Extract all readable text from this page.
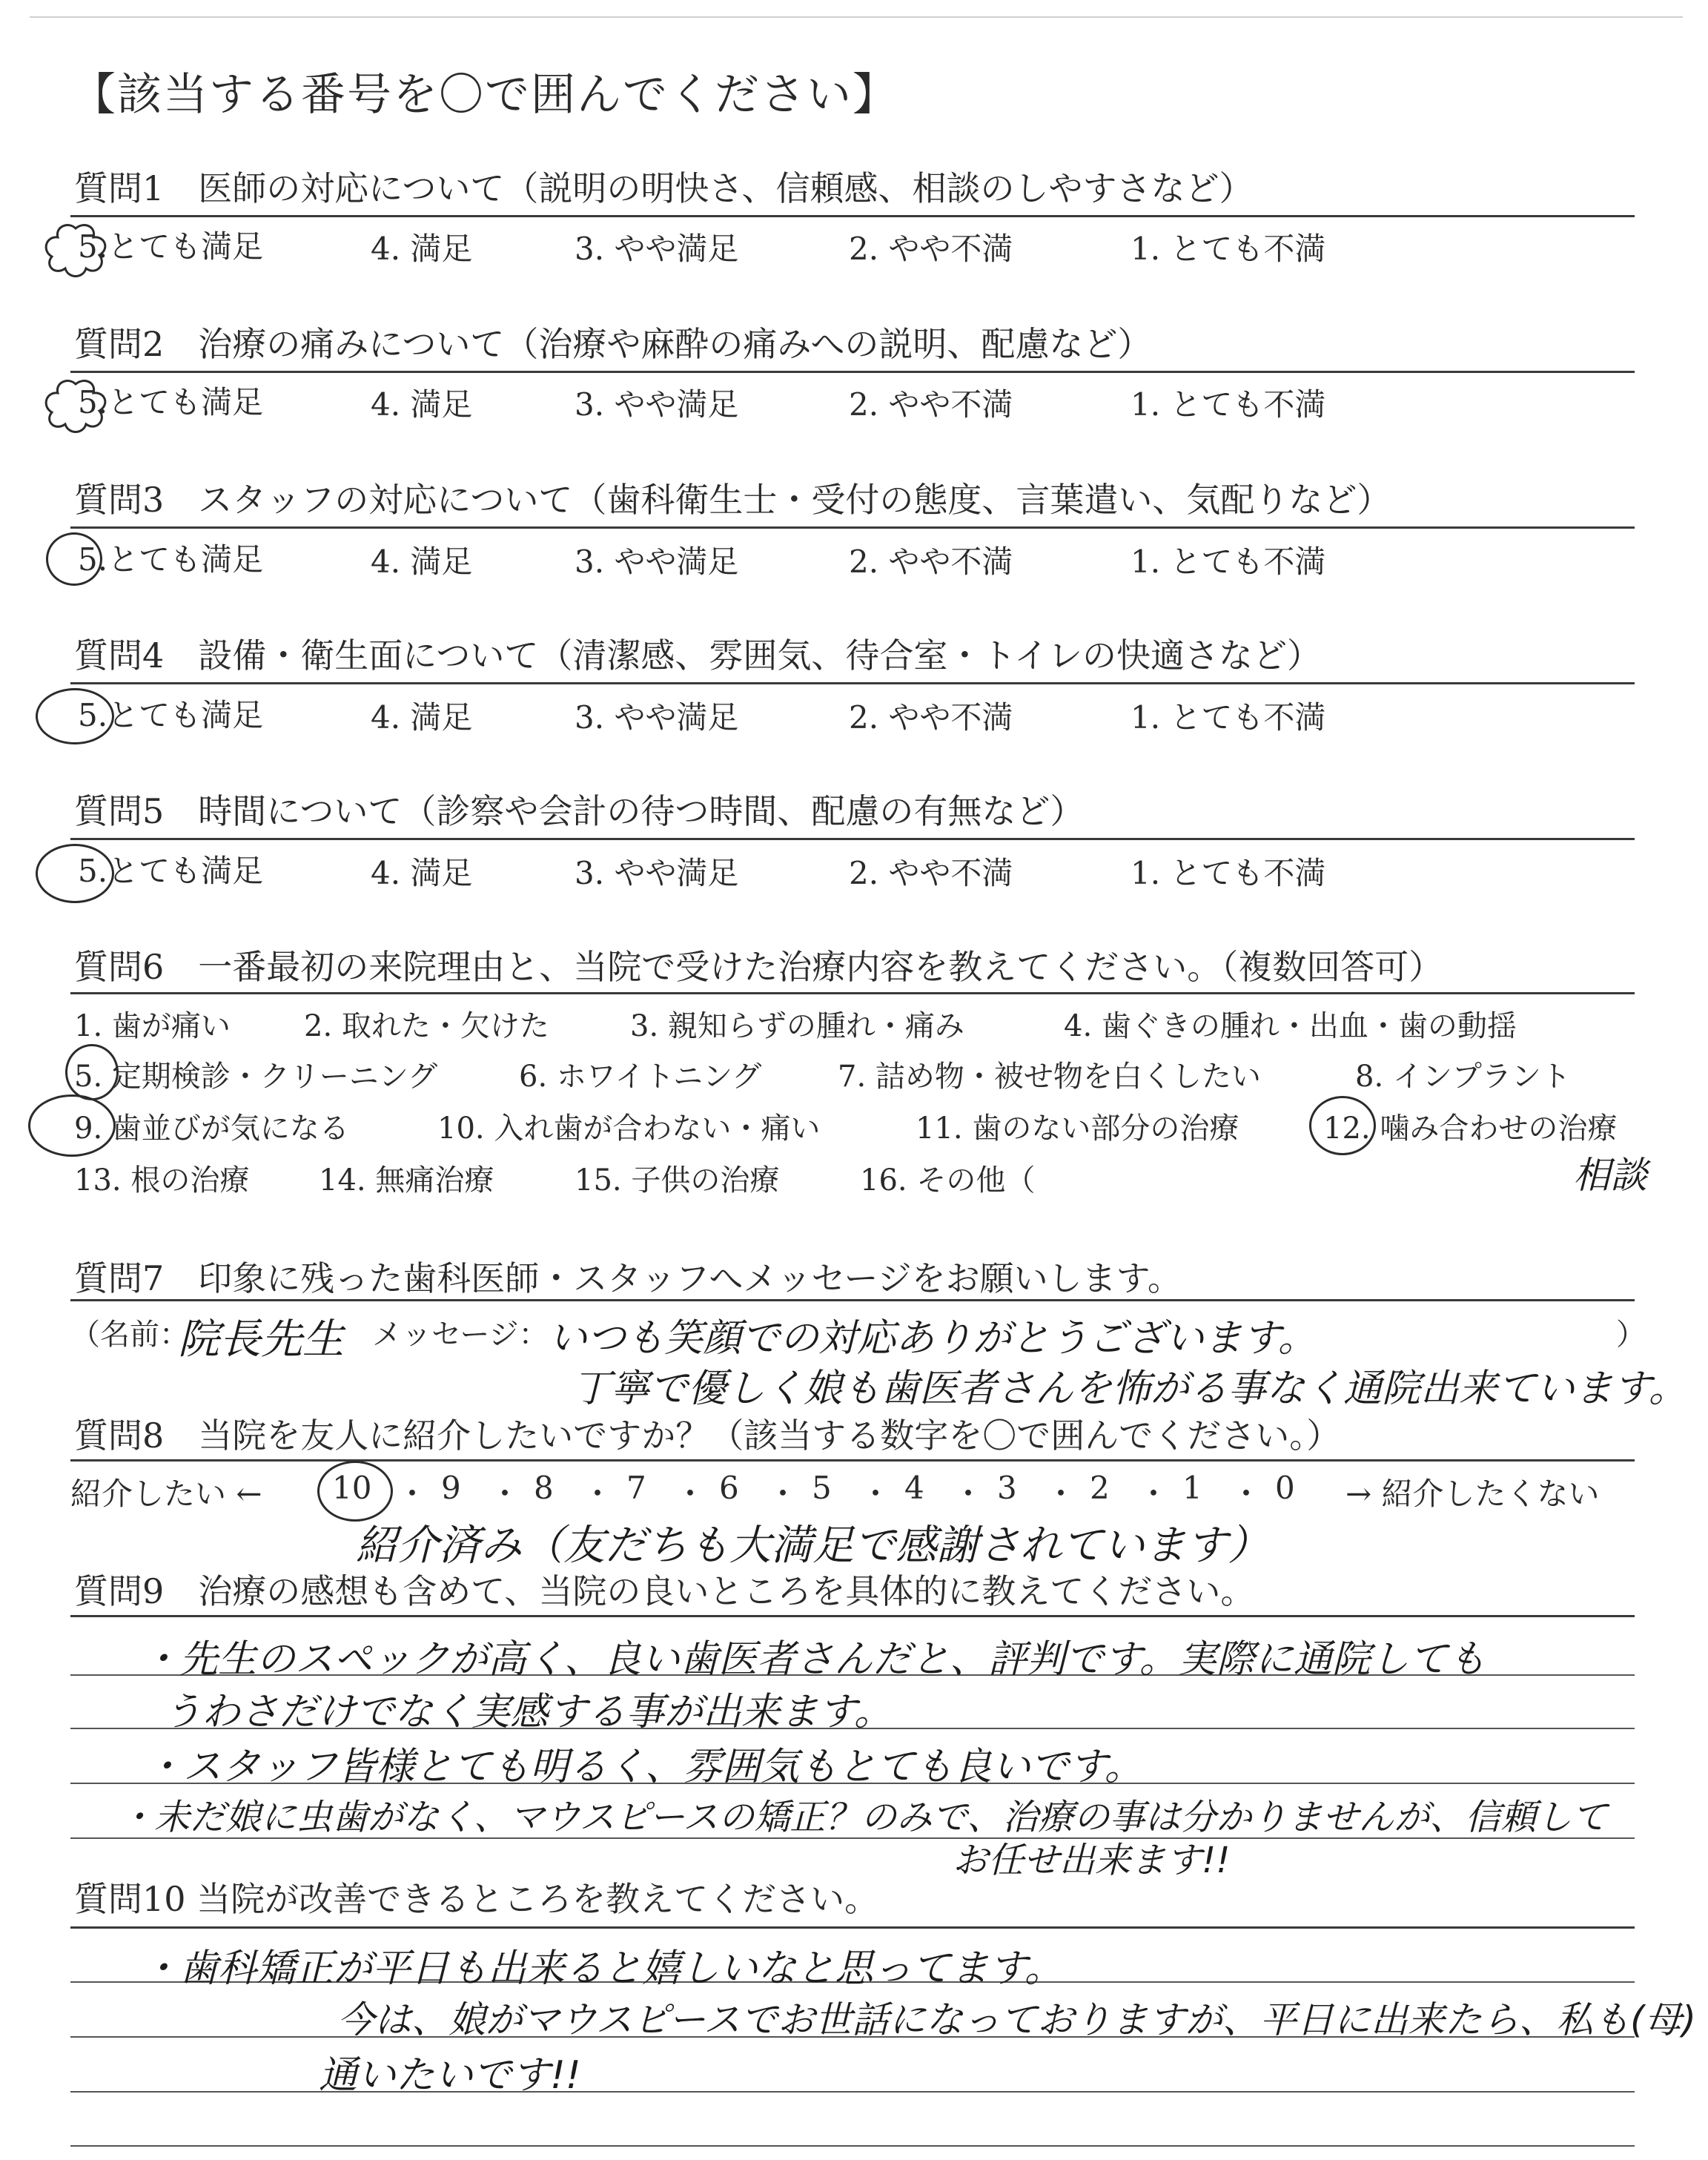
【該当する番号を〇で囲んでください】
質問1　医師の対応について（説明の明快さ、信頼感、相談のしやすさなど）
5.とても満足	4. 満足	3. やや満足	2. やや不満	1. とても不満
質問2　治療の痛みについて（治療や麻酔の痛みへの説明、配慮など）
5.とても満足	4. 満足	3. やや満足	2. やや不満	1. とても不満
質問3　スタッフの対応について（歯科衛生士・受付の態度、言葉遣い、気配りなど）
5.とても満足	4. 満足	3. やや満足	2. やや不満	1. とても不満
質問4　設備・衛生面について（清潔感、雰囲気、待合室・トイレの快適さなど）
5.とても満足	4. 満足	3. やや満足	2. やや不満	1. とても不満
質問5　時間について（診察や会計の待つ時間、配慮の有無など）
5.とても満足	4. 満足	3. やや満足	2. やや不満	1. とても不満
質問6　一番最初の来院理由と、当院で受けた治療内容を教えてください。（複数回答可）
1. 歯が痛い 2. 取れた・欠けた	3. 親知らずの腫れ・痛み	4. 歯ぐきの腫れ・出血・歯の動揺
5. 定期検診・クリーニング	6. ホワイトニング	7. 詰め物・被せ物を白くしたい	8. インプラント
9. 歯並びが気になる	10. 入れ歯が合わない・痛い	11. 歯のない部分の治療	12. 噛み合わせの治療
13. 根の治療 14. 無痛治療	15. 子供の治療	16. その他（	相談
質問7　印象に残った歯科医師・スタッフへメッセージをお願いします。
（名前：
院長先生 メッセージ： いつも笑顔での対応ありがとうございます。	）
丁寧で優しく娘も歯医者さんを怖がる事なく通院出来ています。
質問8　当院を友人に紹介したいですか？（該当する数字を〇で囲んでください。）
紹介したい ← 10 9 8 7 6 5 4 3 2 1 0 → 紹介したくない
・ ・ ・ ・ ・ ・ ・ ・ ・ ・
紹介済み（友だちも大満足で感謝されています）
質問9　治療の感想も含めて、当院の良いところを具体的に教えてください。
・先生のスペックが高く、良い歯医者さんだと、評判です。実際に通院しても
うわさだけでなく実感する事が出来ます。
・スタッフ皆様とても明るく、雰囲気もとても良いです。
・未だ娘に虫歯がなく、マウスピースの矯正？のみで、治療の事は分かりませんが、信頼して
お任せ出来ます!!
質問10 当院が改善できるところを教えてください。
・歯科矯正が平日も出来ると嬉しいなと思ってます。
今は、娘がマウスピースでお世話になっておりますが、平日に出来たら、私も(母)
通いたいです!!
